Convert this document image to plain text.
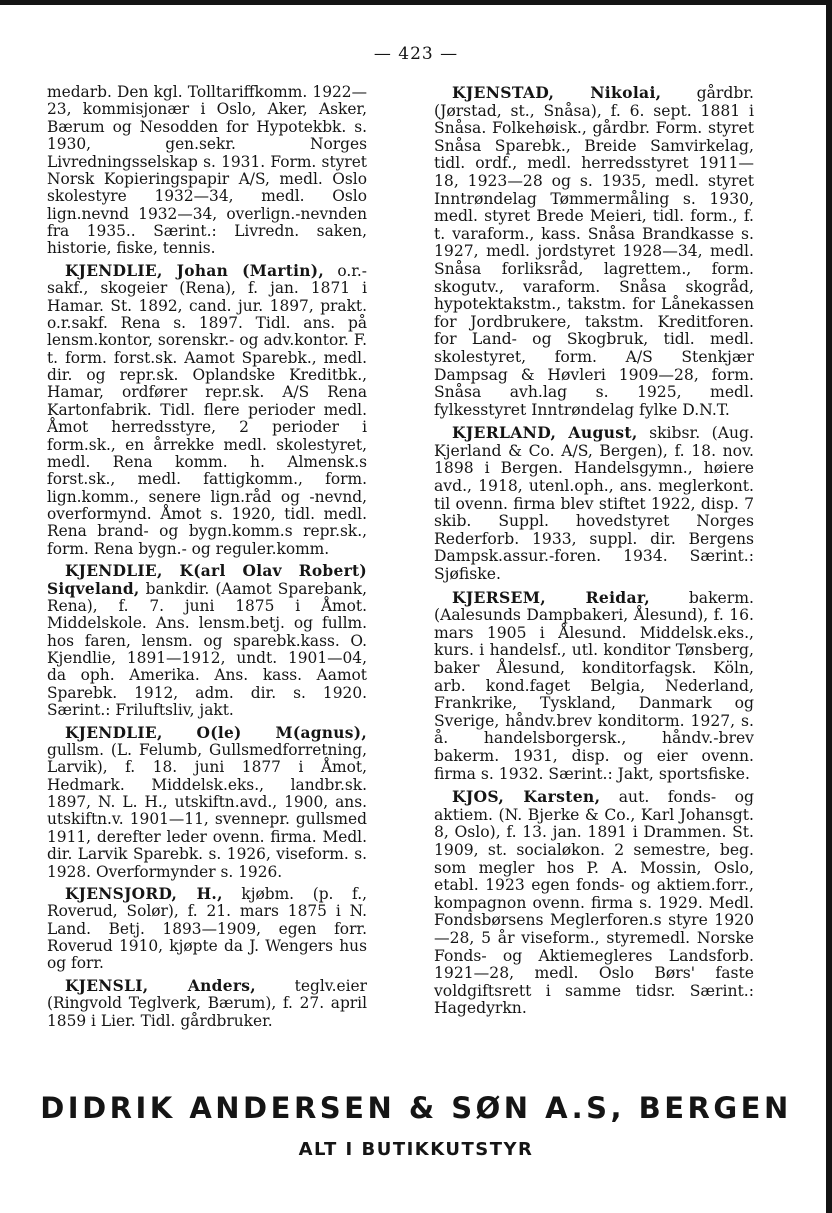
— 423 —

medarb. Den kgl. Tolltariffkomm. 1922—23, kommisjonær i Oslo, Aker, Asker, Bærum og Nesodden for Hypotekbk. s. 1930, gen.sekr. Norges Livredningsselskap s. 1931. Form. styret Norsk Kopieringspapir A/S, medl. Oslo skolestyre 1932—34, medl. Oslo lign.nevnd 1932—34, overlign.-nevnden fra 1935.. Særint.: Livredn. saken, historie, fiske, tennis.

KJENDLIE, Johan (Martin), o.r.-sakf., skogeier (Rena), f. jan. 1871 i Hamar. St. 1892, cand. jur. 1897, prakt. o.r.sakf. Rena s. 1897. Tidl. ans. på lensm.kontor, sorenskr.- og adv.kontor. F. t. form. forst.sk. Aamot Sparebk., medl. dir. og repr.sk. Oplandske Kreditbk., Hamar, ordfører repr.sk. A/S Rena Kartonfabrik. Tidl. flere perioder medl. Åmot herredsstyre, 2 perioder i form.sk., en årrekke medl. skolestyret, medl. Rena komm. h. Almensk.s forst.sk., medl. fattigkomm., form. lign.komm., senere lign.råd og -nevnd, overformynd. Åmot s. 1920, tidl. medl. Rena brand- og bygn.komm.s repr.sk., form. Rena bygn.- og reguler.komm.

KJENDLIE, K(arl Olav Robert) Siqveland, bankdir. (Aamot Sparebank, Rena), f. 7. juni 1875 i Åmot. Middelskole. Ans. lensm.betj. og fullm. hos faren, lensm. og sparebk.kass. O. Kjendlie, 1891—1912, undt. 1901—04, da oph. Amerika. Ans. kass. Aamot Sparebk. 1912, adm. dir. s. 1920. Særint.: Friluftsliv, jakt.

KJENDLIE, O(le) M(agnus), gullsm. (L. Felumb, Gullsmedforretning, Larvik), f. 18. juni 1877 i Åmot, Hedmark. Middelsk.eks., landbr.sk. 1897, N. L. H., utskiftn.avd., 1900, ans. utskiftn.v. 1901—11, svennepr. gullsmed 1911, derefter leder ovenn. firma. Medl. dir. Larvik Sparebk. s. 1926, viseform. s. 1928. Overformynder s. 1926.

KJENSJORD, H., kjøbm. (p. f., Roverud, Solør), f. 21. mars 1875 i N. Land. Betj. 1893—1909, egen forr. Roverud 1910, kjøpte da J. Wengers hus og forr.

KJENSLI, Anders, teglv.eier (Ringvold Teglverk, Bærum), f. 27. april 1859 i Lier. Tidl. gårdbruker.

KJENSTAD, Nikolai, gårdbr. (Jørstad, st., Snåsa), f. 6. sept. 1881 i Snåsa. Folkehøisk., gårdbr. Form. styret Snåsa Sparebk., Breide Samvirkelag, tidl. ordf., medl. herredsstyret 1911—18, 1923—28 og s. 1935, medl. styret Inntrøndelag Tømmermåling s. 1930, medl. styret Brede Meieri, tidl. form., f. t. varaform., kass. Snåsa Brandkasse s. 1927, medl. jordstyret 1928—34, medl. Snåsa forliksråd, lagrettem., form. skogutv., varaform. Snåsa skogråd, hypotektakstm., takstm. for Lånekassen for Jordbrukere, takstm. Kreditforen. for Land- og Skogbruk, tidl. medl. skolestyret, form. A/S Stenkjær Dampsag & Høvleri 1909—28, form. Snåsa avh.lag s. 1925, medl. fylkesstyret Inntrøndelag fylke D.N.T.

KJERLAND, August, skibsr. (Aug. Kjerland & Co. A/S, Bergen), f. 18. nov. 1898 i Bergen. Handelsgymn., høiere avd., 1918, utenl.oph., ans. meglerkont. til ovenn. firma blev stiftet 1922, disp. 7 skib. Suppl. hovedstyret Norges Rederforb. 1933, suppl. dir. Bergens Dampsk.assur.-foren. 1934. Særint.: Sjøfiske.

KJERSEM, Reidar, bakerm. (Aalesunds Dampbakeri, Ålesund), f. 16. mars 1905 i Ålesund. Middelsk.eks., kurs. i handelsf., utl. konditor Tønsberg, baker Ålesund, konditorfagsk. Köln, arb. kond.faget Belgia, Nederland, Frankrike, Tyskland, Danmark og Sverige, håndv.brev konditorm. 1927, s. å. handelsborgersk., håndv.-brev bakerm. 1931, disp. og eier ovenn. firma s. 1932. Særint.: Jakt, sportsfiske.

KJOS, Karsten, aut. fonds- og aktiem. (N. Bjerke & Co., Karl Johansgt. 8, Oslo), f. 13. jan. 1891 i Drammen. St. 1909, st. socialøkon. 2 semestre, beg. som megler hos P. A. Mossin, Oslo, etabl. 1923 egen fonds- og aktiem.forr., kompagnon ovenn. firma s. 1929. Medl. Fondsbørsens Meglerforen.s styre 1920—28, 5 år viseform., styremedl. Norske Fonds- og Aktiemegleres Landsforb. 1921—28, medl. Oslo Børs' faste voldgiftsrett i samme tidsr. Særint.: Hagedyrkn.

DIDRIK ANDERSEN & SØN A.S, BERGEN
ALT I BUTIKKUTSTYR
